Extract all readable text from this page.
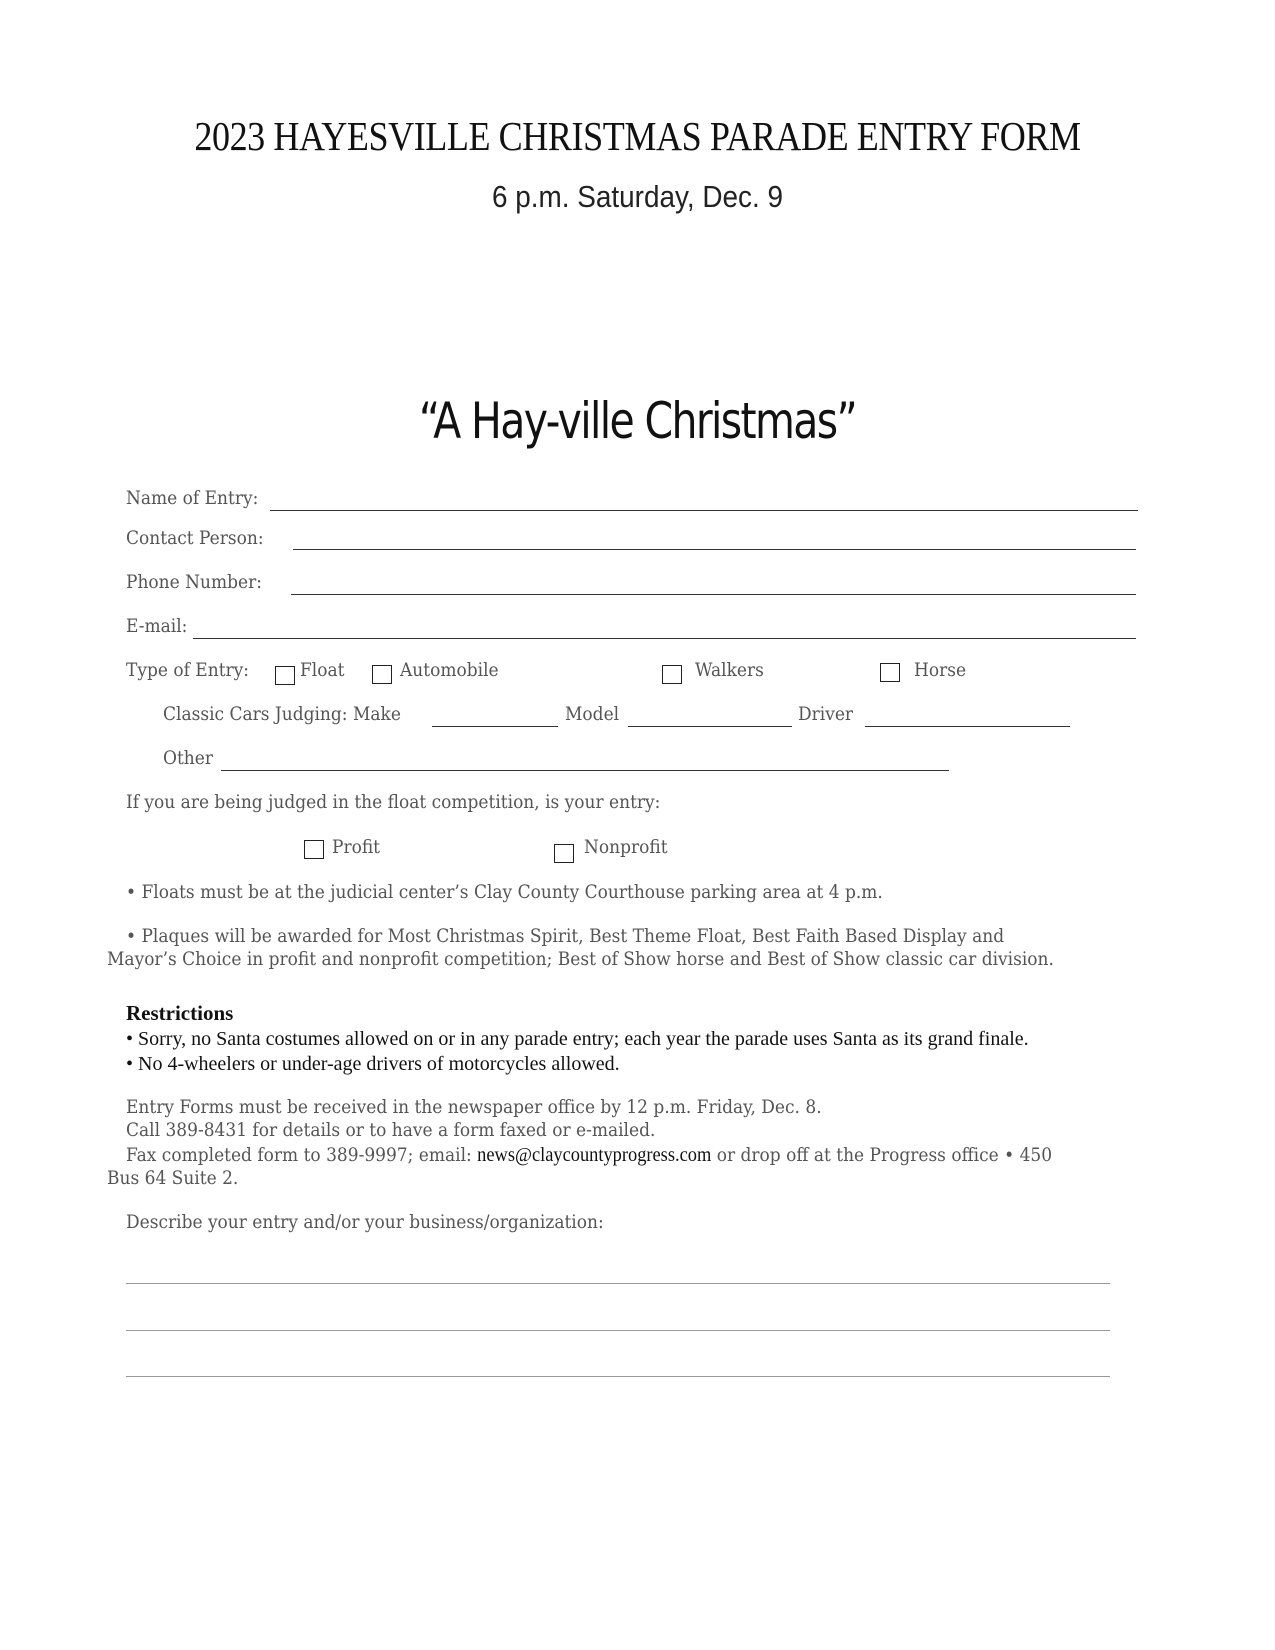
2023 HAYESVILLE CHRISTMAS PARADE ENTRY FORM
6 p.m. Saturday, Dec. 9
“A Hay-ville Christmas”
Name of Entry:
Contact Person:
Phone Number:
E-mail:
Type of Entry:	Float	Automobile	Walkers	Horse
Classic Cars Judging: Make	Model	Driver
Other
If you are being judged in the float competition, is your entry:
Profit	Nonprofit
• Floats must be at the judicial center’s Clay County Courthouse parking area at 4 p.m.
• Plaques will be awarded for Most Christmas Spirit, Best Theme Float, Best Faith Based Display and
Mayor’s Choice in profit and nonprofit competition; Best of Show horse and Best of Show classic car division.
Restrictions
• Sorry, no Santa costumes allowed on or in any parade entry; each year the parade uses Santa as its grand finale.
• No 4-wheelers or under-age drivers of motorcycles allowed.
Entry Forms must be received in the newspaper office by 12 p.m. Friday, Dec. 8.
Call 389-8431 for details or to have a form faxed or e-mailed.
Fax completed form to 389-9997; email: news@claycountyprogress.com or drop off at the Progress office • 450
Bus 64 Suite 2.
Describe your entry and/or your business/organization:
